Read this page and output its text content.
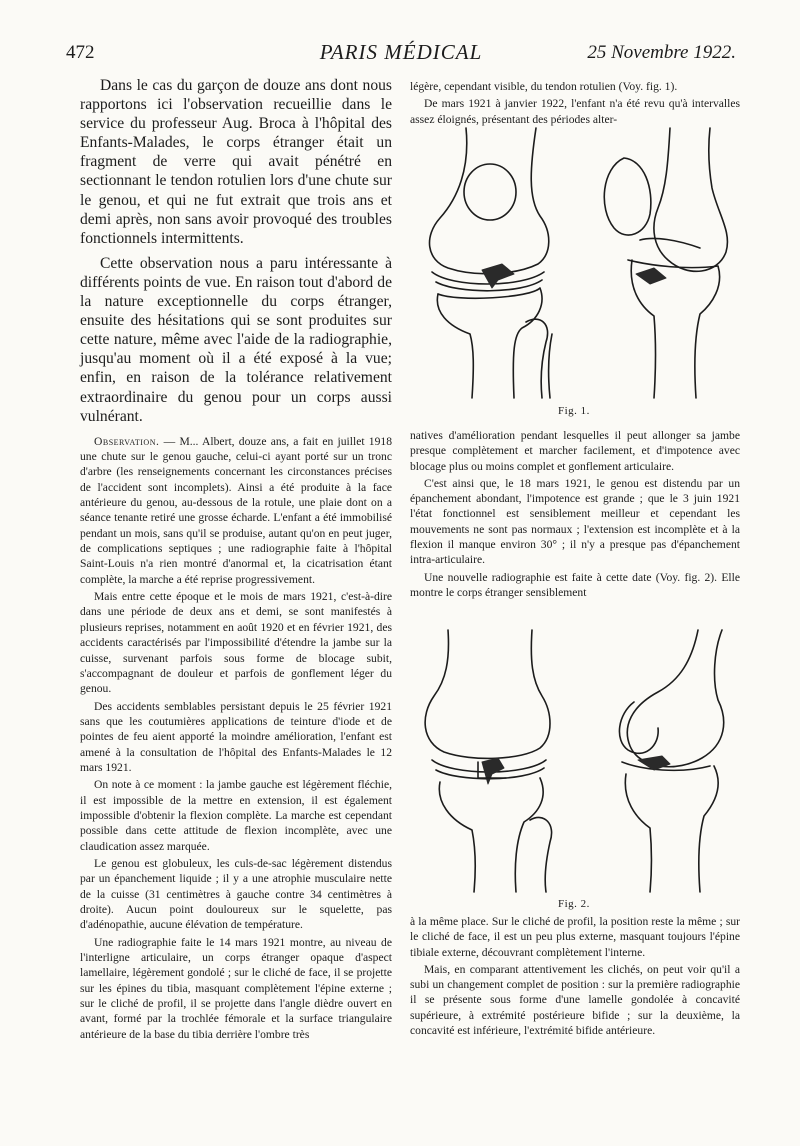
472	PARIS MÉDICAL	25 Novembre 1922.

Dans le cas du garçon de douze ans dont nous rapportons ici l'observation recueillie dans le service du professeur Aug. Broca à l'hôpital des Enfants-Malades, le corps étranger était un fragment de verre qui avait pénétré en sectionnant le tendon rotulien lors d'une chute sur le genou, et qui ne fut extrait que trois ans et demi après, non sans avoir provoqué des troubles fonctionnels intermittents.

Cette observation nous a paru intéressante à différents points de vue. En raison tout d'abord de la nature exceptionnelle du corps étranger, ensuite des hésitations qui se sont produites sur cette nature, même avec l'aide de la radiographie, jusqu'au moment où il a été exposé à la vue; enfin, en raison de la tolérance relativement extraordinaire du genou pour un corps aussi vulnérant.

Observation. — M... Albert, douze ans, a fait en juillet 1918 une chute sur le genou gauche, celui-ci ayant porté sur un tronc d'arbre (les renseignements concernant les circonstances précises de l'accident sont incomplets). Ainsi a été produite à la face antérieure du genou, au-dessous de la rotule, une plaie dont on a séance tenante retiré une grosse écharde. L'enfant a été immobilisé pendant un mois, sans qu'il se produise, autant qu'on en peut juger, de complications septiques ; une radiographie faite à l'hôpital Saint-Louis n'a rien montré d'anormal et, la cicatrisation étant complète, la marche a été reprise progressivement.

Mais entre cette époque et le mois de mars 1921, c'est-à-dire dans une période de deux ans et demi, se sont manifestés à plusieurs reprises, notamment en août 1920 et en février 1921, des accidents caractérisés par l'impossibilité d'étendre la jambe sur la cuisse, survenant parfois sous forme de blocage subit, s'accompagnant de douleur et parfois de gonflement léger du genou.

Des accidents semblables persistant depuis le 25 février 1921 sans que les coutumières applications de teinture d'iode et de pointes de feu aient apporté la moindre amélioration, l'enfant est amené à la consultation de l'hôpital des Enfants-Malades le 12 mars 1921.

On note à ce moment : la jambe gauche est légèrement fléchie, il est impossible de la mettre en extension, il est également impossible d'obtenir la flexion complète. La marche est cependant possible dans cette attitude de flexion incomplète, avec une claudication assez marquée.

Le genou est globuleux, les culs-de-sac légèrement distendus par un épanchement liquide ; il y a une atrophie musculaire nette de la cuisse (31 centimètres à gauche contre 34 centimètres à droite). Aucun point douloureux sur le squelette, pas d'adénopathie, aucune élévation de température.

Une radiographie faite le 14 mars 1921 montre, au niveau de l'interligne articulaire, un corps étranger opaque d'aspect lamellaire, légèrement gondolé ; sur le cliché de face, il se projette sur les épines du tibia, masquant complètement l'épine externe ; sur le cliché de profil, il se projette dans l'angle dièdre ouvert en avant, formé par la trochlée fémorale et la surface triangulaire antérieure de la base du tibia derrière l'ombre très

légère, cependant visible, du tendon rotulien (Voy. fig. 1).

De mars 1921 à janvier 1922, l'enfant n'a été revu qu'à intervalles assez éloignés, présentant des périodes alter-

Fig. 1.

natives d'amélioration pendant lesquelles il peut allonger sa jambe presque complètement et marcher facilement, et d'impotence avec blocage plus ou moins complet et gonflement articulaire.

C'est ainsi que, le 18 mars 1921, le genou est distendu par un épanchement abondant, l'impotence est grande ; que le 3 juin 1921 l'état fonctionnel est sensiblement meilleur et cependant les mouvements ne sont pas normaux ; l'extension est incomplète et à la flexion il manque environ 30° ; il n'y a presque pas d'épanchement intra-articulaire.

Une nouvelle radiographie est faite à cette date (Voy. fig. 2). Elle montre le corps étranger sensiblement

Fig. 2.

à la même place. Sur le cliché de profil, la position reste la même ; sur le cliché de face, il est un peu plus externe, masquant toujours l'épine tibiale externe, découvrant complètement l'interne.

Mais, en comparant attentivement les clichés, on peut voir qu'il a subi un changement complet de position : sur la première radiographie il se présente sous forme d'une lamelle gondolée à concavité supérieure, à extrémité postérieure bifide ; sur la deuxième, la concavité est inférieure, l'extrémité bifide antérieure.
